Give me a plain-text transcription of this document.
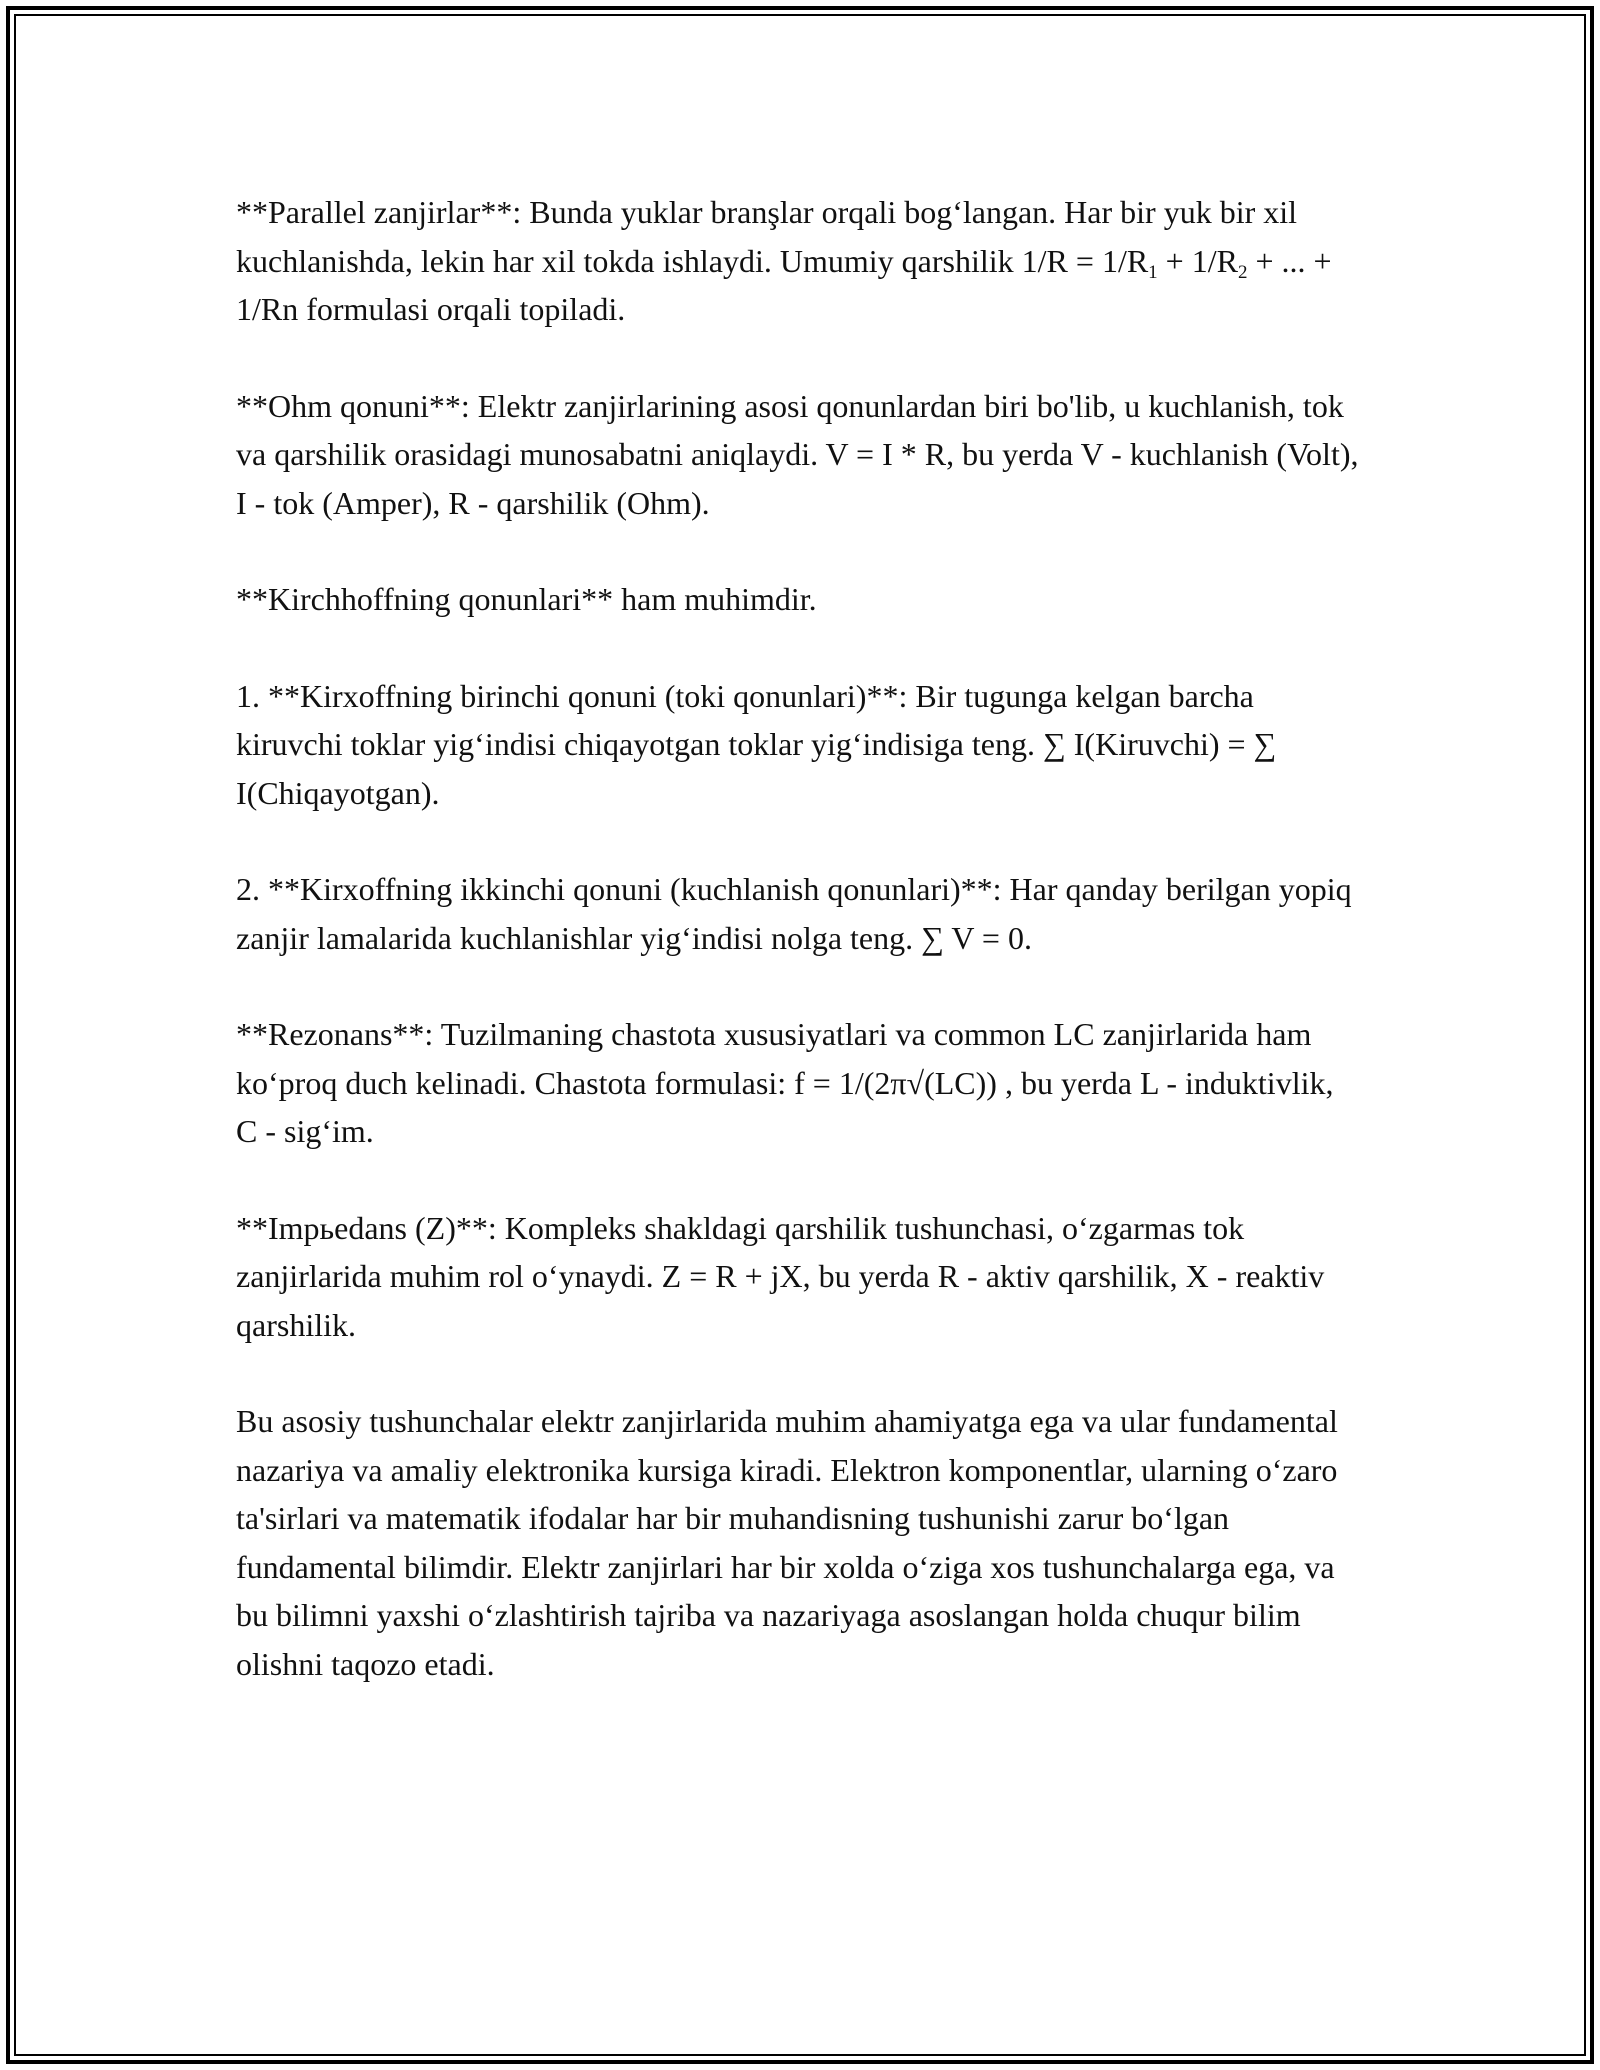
**Parallel zanjirlar**: Bunda yuklar branşlar orqali bog‘langan. Har bir yuk bir xil kuchlanishda, lekin har xil tokda ishlaydi. Umumiy qarshilik $1/R = 1/R_1 + 1/R_2$ + ... + 1/Rn formulasi orqali topiladi.

**Ohm qonuni**: Elektr zanjirlarining asosi qonunlardan biri bo'lib, u kuchlanish, tok va qarshilik orasidagi munosabatni aniqlaydi. V = I * R, bu yerda V - kuchlanish (Volt), I - tok (Amper), R - qarshilik (Ohm).

**Kirchhoffning qonunlari** ham muhimdir.

1. **Kirxoffning birinchi qonuni (toki qonunlari)**: Bir tugunga kelgan barcha kiruvchi toklar yig‘indisi chiqayotgan toklar yig‘indisiga teng. ∑ I(Kiruvchi) = ∑ I(Chiqayotgan).

2. **Kirxoffning ikkinchi qonuni (kuchlanish qonunlari)**: Har qanday berilgan yopiq zanjir lamalarida kuchlanishlar yig‘indisi nolga teng. ∑ V = 0.

**Rezonans**: Tuzilmaning chastota xususiyatlari va common LC zanjirlarida ham ko‘proq duch kelinadi. Chastota formulasi: f = 1/(2π√(LC)) , bu yerda L - induktivlik, C - sig‘im.

**Impьedans (Z)**: Kompleks shakldagi qarshilik tushunchasi, o‘zgarmas tok zanjirlarida muhim rol o‘ynaydi. Z = R + jX, bu yerda R - aktiv qarshilik, X - reaktiv qarshilik.

Bu asosiy tushunchalar elektr zanjirlarida muhim ahamiyatga ega va ular fundamental nazariya va amaliy elektronika kursiga kiradi. Elektron komponentlar, ularning o‘zaro ta'sirlari va matematik ifodalar har bir muhandisning tushunishi zarur bo‘lgan fundamental bilimdir. Elektr zanjirlari har bir xolda o‘ziga xos tushunchalarga ega, va bu bilimni yaxshi o‘zlashtirish tajriba va nazariyaga asoslangan holda chuqur bilim olishni taqozo etadi.
